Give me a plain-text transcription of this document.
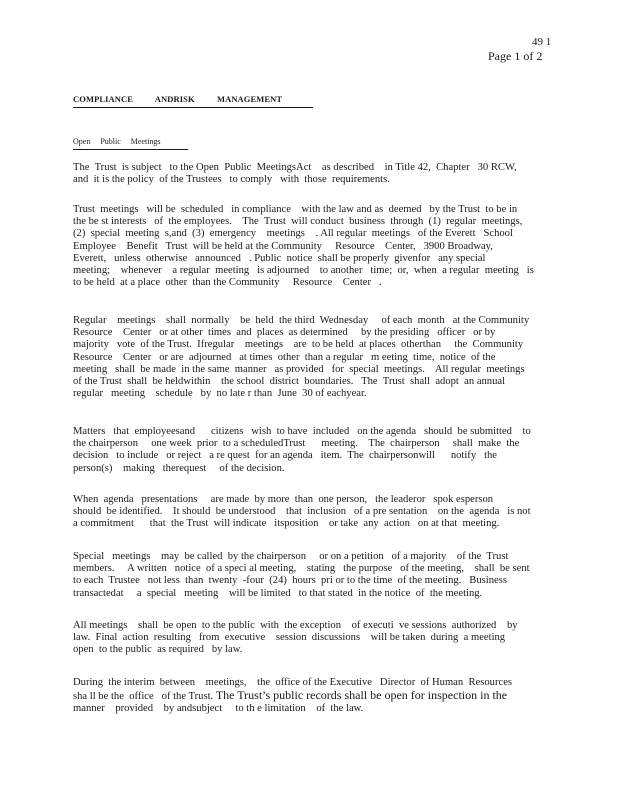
49 1
Page 1 of 2
COMPLIANCE          ANDRISK          MANAGEMENT
Open     Public     Meetings
The  Trust  is subject   to the Open  Public  MeetingsAct    as described    in Title 42,  Chapter   30 RCW,
and  it is the policy  of the Trustees   to comply   with  those  requirements.
Trust  meetings   will be  scheduled   in compliance    with the law and as  deemed   by the Trust  to be in
the be st interests   of  the employees.    The  Trust  will conduct  business  through  (1)  regular  meetings,
(2)  special  meeting  s,and  (3)  emergency    meetings    . All regular  meetings   of the Everett   School
Employee    Benefit   Trust  will be held at the Community     Resource    Center,   3900 Broadway,
Everett,   unless  otherwise   announced   . Public  notice  shall be properly  givenfor   any special
meeting;    whenever    a regular  meeting   is adjourned    to another   time;  or,  when  a regular  meeting   is
to be held  at a place  other  than the Community     Resource    Center   .
Regular    meetings    shall  normally    be  held  the third  Wednesday     of each  month   at the Community
Resource    Center   or at other  times  and  places  as determined     by the presiding   officer   or by
majority   vote  of the Trust.  Ifregular    meetings    are  to be held  at places  otherthan     the  Community
Resource    Center   or are  adjourned   at times  other  than a regular   m eeting  time,  notice  of the
meeting   shall  be made  in the same  manner   as provided   for  special  meetings.    All regular  meetings
of the Trust  shall  be heldwithin    the school  district  boundaries.   The  Trust  shall  adopt  an annual
regular   meeting    schedule   by  no late r than  June  30 of eachyear.
Matters   that  employeesand      citizens   wish  to have  included   on the agenda   should  be submitted    to
the chairperson     one week  prior  to a scheduledTrust      meeting.    The  chairperson     shall  make  the
decision   to include   or reject   a re quest  for an agenda   item.  The  chairpersonwill      notify   the
person(s)    making   therequest     of the decision.
When  agenda   presentations     are made  by more  than  one person,   the leaderor   spok esperson
should  be identified.    It should  be understood    that  inclusion   of a pre sentation    on the  agenda   is not
a commitment      that  the Trust  will indicate   itsposition    or take  any  action   on at that  meeting.
Special   meetings    may  be called  by the chairperson     or on a petition   of a majority    of the  Trust
members.     A written   notice  of a speci al meeting,    stating   the purpose   of the meeting,    shall  be sent
to each  Trustee   not less  than  twenty  -four  (24)  hours  pri or to the time  of the meeting.   Business
transactedat     a  special   meeting    will be limited   to that stated  in the notice  of  the meeting.
All meetings    shall  be open  to the public  with  the exception    of executi  ve sessions  authorized    by
law.  Final  action  resulting   from  executive    session  discussions    will be taken  during  a meeting
open  to the public  as required   by law.
During  the interim  between    meetings,    the  office of the Executive   Director  of Human  Resources
sha ll be the  office   of the Trust. The Trust’s public records shall be open for inspection in the
manner    provided    by andsubject     to th e limitation    of  the law.
